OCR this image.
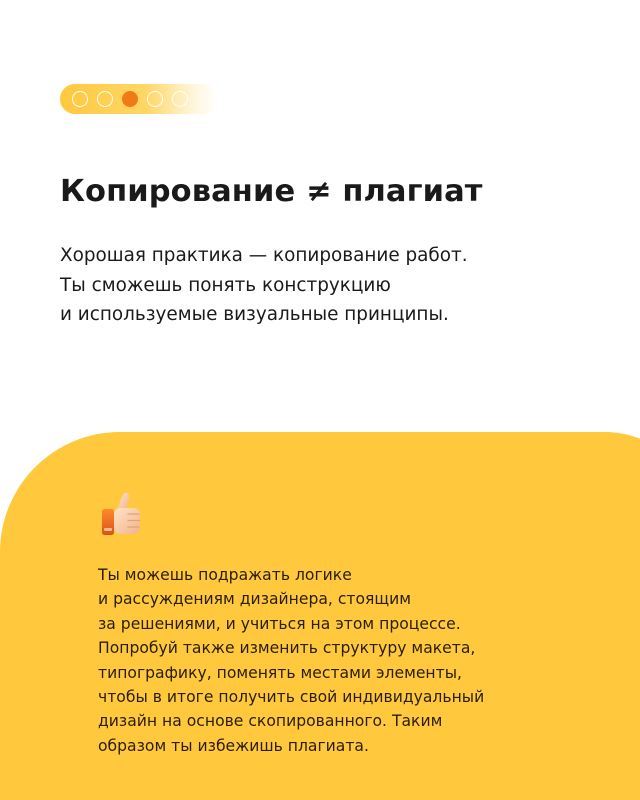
Копирование ≠ плагиат

Хорошая практика — копирование работ.
Ты сможешь понять конструкцию
и используемые визуальные принципы.

Ты можешь подражать логике
и рассуждениям дизайнера, стоящим
за решениями, и учиться на этом процессе.
Попробуй также изменить структуру макета,
типографику, поменять местами элементы,
чтобы в итоге получить свой индивидуальный
дизайн на основе скопированного. Таким
образом ты избежишь плагиата.
